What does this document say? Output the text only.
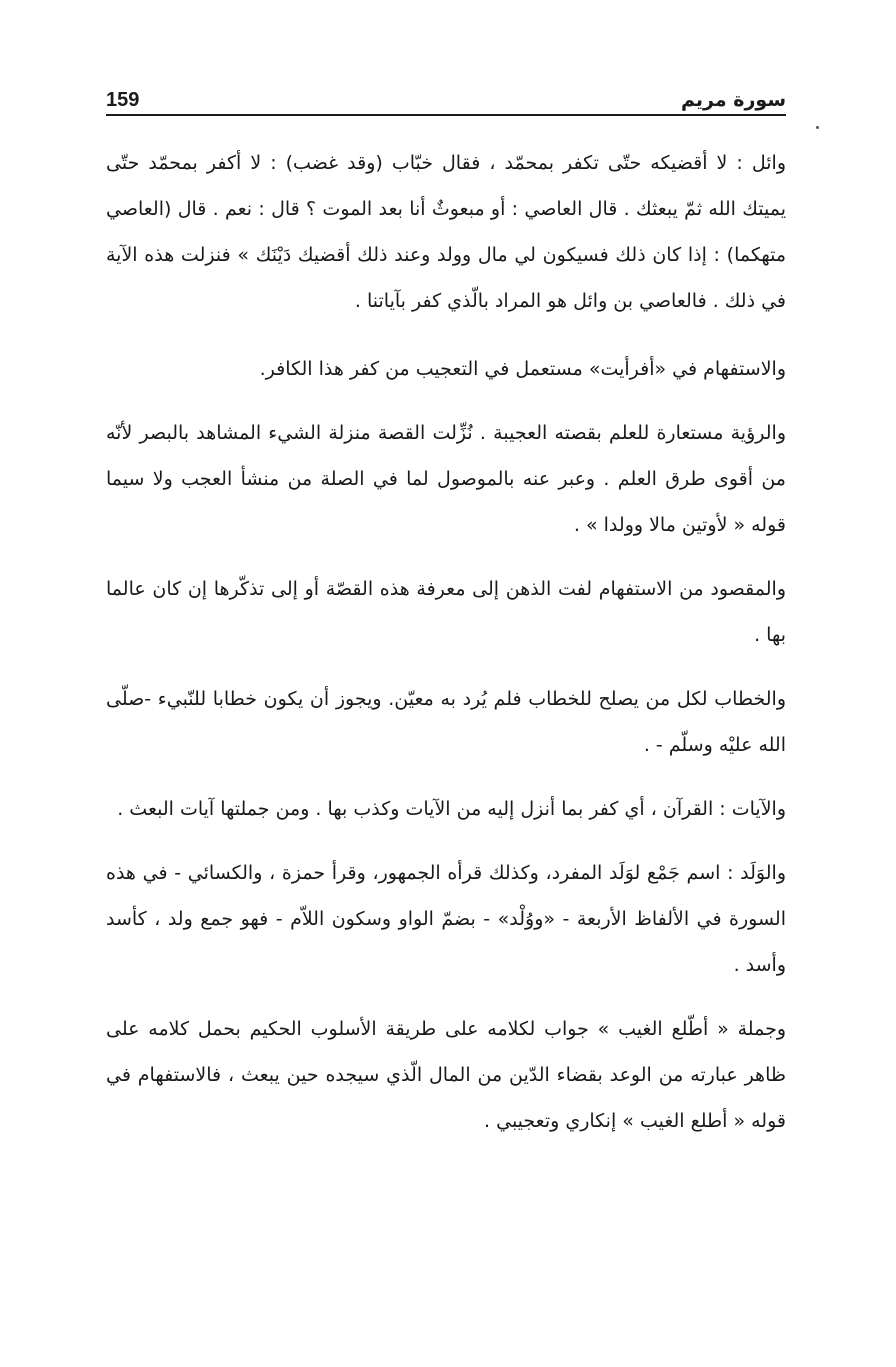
159	سورة مريم

وائل : لا أقضيكه حتّى تكفر بمحمّد ، فقال خبّاب (وقد غضب) : لا أكفر بمحمّد حتّى يميتك الله ثمّ يبعثك . قال العاصي : أو مبعوثٌ أنا بعد الموت ؟ قال : نعم . قال (العاصي متهكما) : إذا كان ذلك فسيكون لي مال وولد وعند ذلك أقضيك دَيْنَك » فنزلت هذه الآية في ذلك . فالعاصي بن وائل هو المراد بالّذي كفر بآياتنا .

والاستفهام في «أفرأيت» مستعمل في التعجيب من كفر هذا الكافر.

والرؤية مستعارة للعلم بقصته العجيبة . نُزِّلت القصة منزلة الشيء المشاهد بالبصر لأنّه من أقوى طرق العلم . وعبر عنه بالموصول لما في الصلة من منشأ العجب ولا سيما قوله « لأوتين مالا وولدا » .

والمقصود من الاستفهام لفت الذهن إلى معرفة هذه القصّة أو إلى تذكّرها إن كان عالما بها .

والخطاب لكل من يصلح للخطاب فلم يُرد به معيّن. ويجوز أن يكون خطابا للنّبيء -صلّى الله عليْه وسلّم - .

والآيات : القرآن ، أي كفر بما أنزل إليه من الآيات وكذب بها . ومن جملتها آيات البعث .

والوَلَد : اسم جَمْع لوَلَد المفرد، وكذلك قرأه الجمهور، وقرأ حمزة ، والكسائي - في هذه السورة في الألفاظ الأربعة - «ووُلْد» - بضمّ الواو وسكون اللاّم - فهو جمع ولد ، كأسد وأسد .

وجملة « أطّلع الغيب » جواب لكلامه على طريقة الأسلوب الحكيم بحمل كلامه على ظاهر عبارته من الوعد بقضاء الدّين من المال الّذي سيجده حين يبعث ، فالاستفهام في قوله « أطلع الغيب » إنكاري وتعجيبي .
